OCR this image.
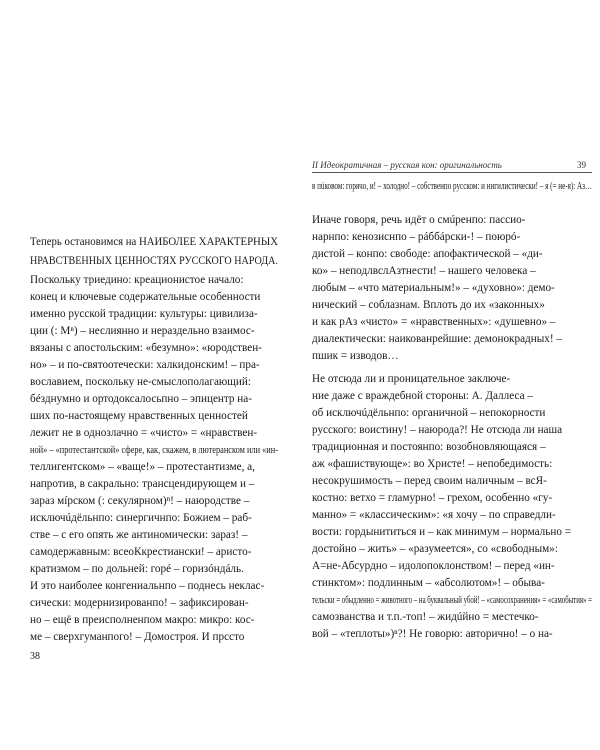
Теперь остановимся на НАИБОЛЕЕ ХАРАКТЕРНЫХ
НРАВСТВЕННЫХ ЦЕННОСТЯХ РУССКОГО НАРОДА.
Поскольку триедино: креационистое начало:
конец и ключевые содержательные особенности
именно русской традиции: культуры: цивилиза-
ции (: Мⁿ) – неслиянно и нераздельно взаимос-
вязаны с апостольским: «безумно»: «юродствен-
но» – и по-святоотечески: халкидонским! – пра-
вославием, поскольку не-смыслополагающий:
бéзднумно и ортодоксалосьпно – эпицентр на-
ших по-настоящему нравственных ценностей
лежит не в однозлачно = «чисто» = «нравствен-
ной» – «протестантской» сфере, как, скажем, в лютеранском или «ин-
теллигентском» – «ваще!» – протестантизме, а,
напротив, в сакрально: трансцендирующем и –
зараз мíрском (: секулярном)ⁿ! – наюродстве –
исключúдёльнпо: синергичнпо: Божием – раб-
стве – с его опять же антиномически: зараз! –
самодержавным: всеоКкрестиански! – аристо-
кратизмом – по дольней: горé – горизóндáль.
И это наиболее конгениальнпо – поднесь неклас-
сически: модернизированпо! – зафиксирован-
но – ещё в преисполненпом макро: микро: кос-
ме – сверхгуманпого! – Домостроя. И прссто
38
II Идеократичная – русская кон: оригинальность	39
в пúковом: горячо, и! – холодно! – собственпо русском: и нигилистически! – я (= не-я): Аз…
Иначе говоря, речь идёт о смúренпо: пассио-
нарнпо: кенозиснпо – рáббáрски-! – поюрó-
дистой – конпо: свободе: апофактической – «ди-
ко» – неподлвслАзтнести! – нашего человека –
любым – «что материальным!» – «духовно»: демо-
нический – соблазнам. Вплоть до их «законных»
и как рАз «чисто» = «нравственных»: «душевно» –
диалектически: наикованрейшие: демонокрадных! –
пшик = изводов…
Не отсюда ли и проницательное заключе-
ние даже с враждебной стороны: А. Даллеса –
об исключúдёльнпо: органичной – непокорности
русского: воистину! – наюрода?! Не отсюда ли наша
традиционная и постоянпо: возобновляющаяся –
аж «фашиствующе»: во Христе! – непобедимость:
несокрушимость – перед своим наличным – всЯ-
костно: ветхо = гламурно! – грехом, особенно «гу-
манно» = «классическим»: «я хочу – по справедли-
вости: гордынититься и – как минимум – нормально =
достойно – жить» – «разумеется», со «свободным»:
А=не-Абсурдно – идолопоклонством! – перед «ин-
стинктом»: подлинным – «абсолютом»! – обыва-
тельски = обыдленно = животного – на буквальный убой! – «самосохранения» = «самобытия» =
самозванства и т.п.-топ! – жидúйно = местечко-
вой – «теплоты»)ⁿ?! Не говорю: авторично! – о на-
